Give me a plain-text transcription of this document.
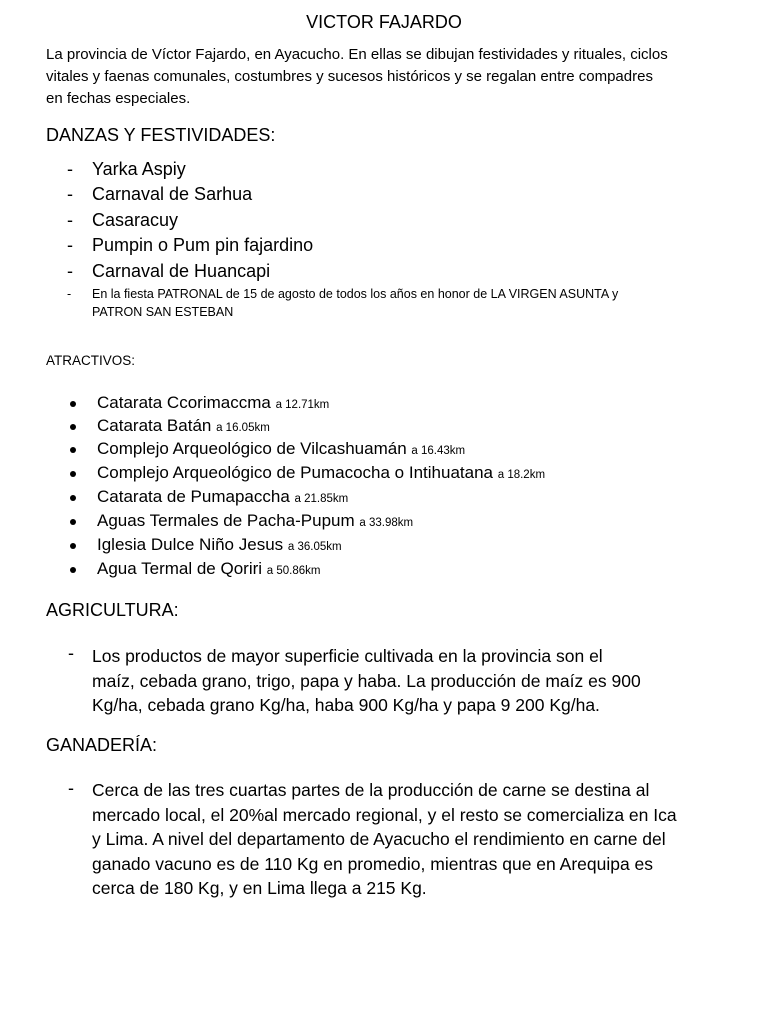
VICTOR FAJARDO
La provincia de Víctor Fajardo, en Ayacucho. En ellas se dibujan festividades y rituales, ciclos
vitales y faenas comunales, costumbres y sucesos históricos y se regalan entre compadres
en fechas especiales.
DANZAS Y FESTIVIDADES:
- Yarka Aspiy
- Carnaval de Sarhua
- Casaracuy
- Pumpin o Pum pin fajardino
- Carnaval de Huancapi
- En la fiesta PATRONAL de 15 de agosto de todos los años en honor de LA VIRGEN ASUNTA y
PATRON SAN ESTEBAN
ATRACTIVOS:
Catarata Ccorimaccma a 12.71km
Catarata Batán a 16.05km
Complejo Arqueológico de Vilcashuamán a 16.43km
Complejo Arqueológico de Pumacocha o Intihuatana a 18.2km
Catarata de Pumapaccha a 21.85km
Aguas Termales de Pacha-Pupum a 33.98km
Iglesia Dulce Niño Jesus a 36.05km
Agua Termal de Qoriri a 50.86km
AGRICULTURA:
- Los productos de mayor superficie cultivada en la provincia son el
maíz, cebada grano, trigo, papa y haba. La producción de maíz es 900
Kg/ha, cebada grano Kg/ha, haba 900 Kg/ha y papa 9 200 Kg/ha.
GANADERÍA:
- Cerca de las tres cuartas partes de la producción de carne se destina al
mercado local, el 20%al mercado regional, y el resto se comercializa en Ica
y Lima. A nivel del departamento de Ayacucho el rendimiento en carne del
ganado vacuno es de 110 Kg en promedio, mientras que en Arequipa es
cerca de 180 Kg, y en Lima llega a 215 Kg.
